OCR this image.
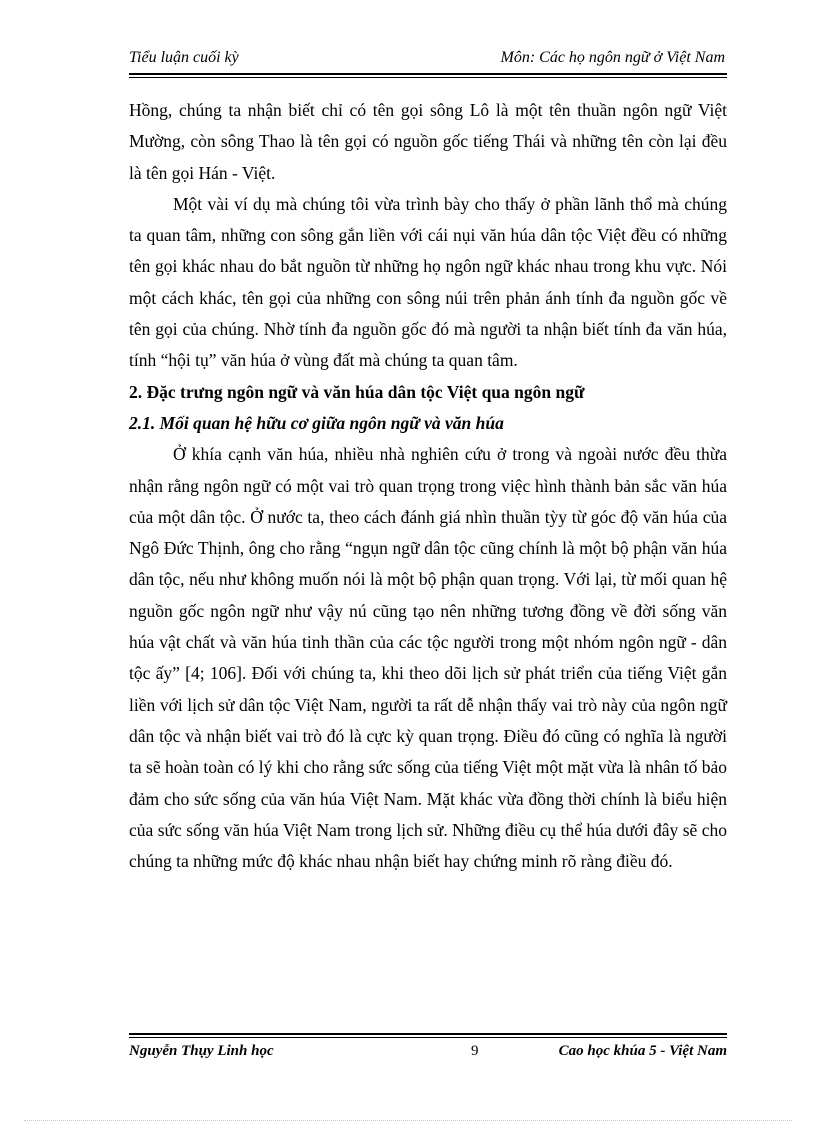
Tiểu luận cuối kỳ	Môn: Các họ ngôn ngữ ở Việt Nam

Hồng, chúng ta nhận biết chỉ có tên gọi sông Lô là một tên thuần ngôn ngữ Việt Mường, còn sông Thao là tên gọi có nguồn gốc tiếng Thái và những tên còn lại đều là tên gọi Hán - Việt.

Một vài ví dụ mà chúng tôi vừa trình bày cho thấy ở phần lãnh thổ mà chúng ta quan tâm, những con sông gắn liền với cái nụi văn húa dân tộc Việt đều có những tên gọi khác nhau do bắt nguồn từ những họ ngôn ngữ khác nhau trong khu vực. Nói một cách khác, tên gọi của những con sông núi trên phản ánh tính đa nguồn gốc về tên gọi của chúng. Nhờ tính đa nguồn gốc đó mà người ta nhận biết tính đa văn húa, tính “hội tụ” văn húa ở vùng đất mà chúng ta quan tâm.

2. Đặc trưng ngôn ngữ và văn húa dân tộc Việt qua ngôn ngữ
2.1. Mối quan hệ hữu cơ giữa ngôn ngữ và văn húa

Ở khía cạnh văn húa, nhiều nhà nghiên cứu ở trong và ngoài nước đều thừa nhận rằng ngôn ngữ có một vai trò quan trọng trong việc hình thành bản sắc văn húa của một dân tộc. Ở nước ta, theo cách đánh giá nhìn thuần tỳy từ góc độ văn húa của Ngô Đức Thịnh, ông cho rằng “ngụn ngữ dân tộc cũng chính là một bộ phận văn húa dân tộc, nếu như không muốn nói là một bộ phận quan trọng. Với lại, từ mối quan hệ nguồn gốc ngôn ngữ như vậy nú cũng tạo nên những tương đồng về đời sống văn húa vật chất và văn húa tinh thần của các tộc người trong một nhóm ngôn ngữ - dân tộc ấy” [4; 106]. Đối với chúng ta, khi theo dõi lịch sử phát triển của tiếng Việt gắn liền với lịch sử dân tộc Việt Nam, người ta rất dễ nhận thấy vai trò này của ngôn ngữ dân tộc và nhận biết vai trò đó là cực kỳ quan trọng. Điều đó cũng có nghĩa là người ta sẽ hoàn toàn có lý khi cho rằng sức sống của tiếng Việt một mặt vừa là nhân tố bảo đảm cho sức sống của văn húa Việt Nam. Mặt khác vừa đồng thời chính là biểu hiện của sức sống văn húa Việt Nam trong lịch sử. Những điều cụ thể húa dưới đây sẽ cho chúng ta những mức độ khác nhau nhận biết hay chứng minh rõ ràng điều đó.

Nguyễn Thụy Linh học	9	Cao học khúa 5 - Việt Nam
